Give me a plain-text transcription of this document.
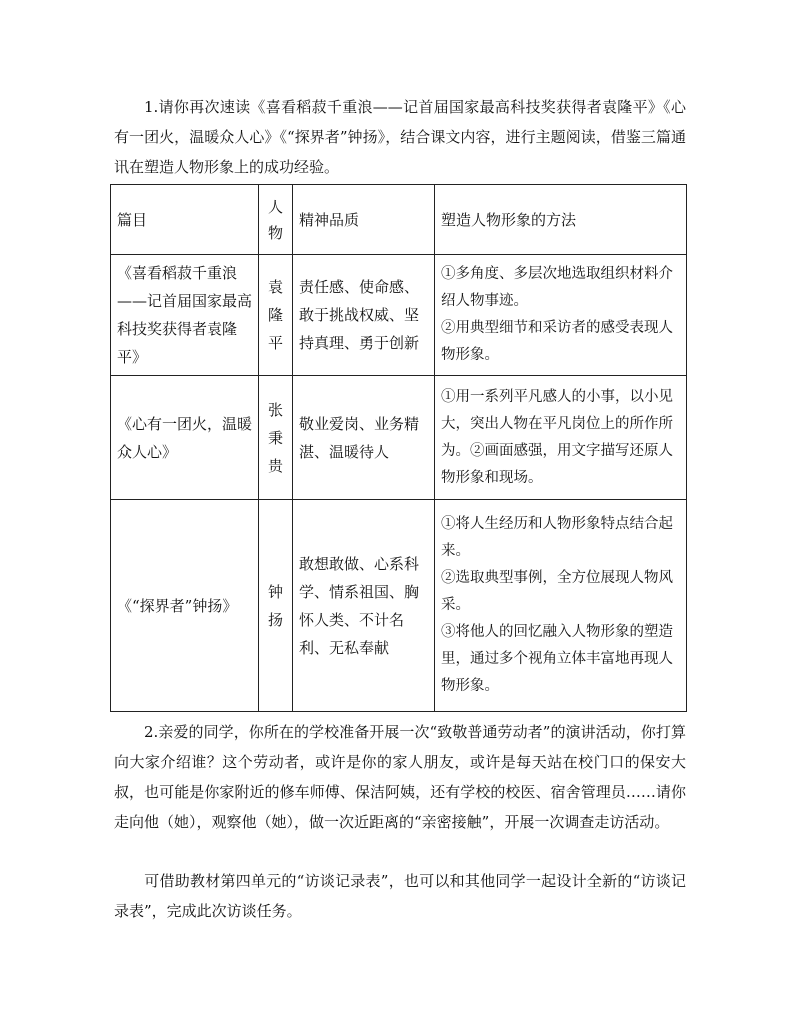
1.请你再次速读《喜看稻菽千重浪——记首届国家最高科技奖获得者袁隆平》《心有一团火，温暖众人心》《“探界者”钟扬》，结合课文内容，进行主题阅读，借鉴三篇通讯在塑造人物形象上的成功经验。

篇目	人物	精神品质	塑造人物形象的方法
《喜看稻菽千重浪——记首届国家最高科技奖获得者袁隆平》	袁隆平	责任感、使命感、敢于挑战权威、坚持真理、勇于创新	①多角度、多层次地选取组织材料介绍人物事迹。
②用典型细节和采访者的感受表现人物形象。

《心有一团火，温暖众人心》	张秉贵	敬业爱岗、业务精湛、温暖待人	①用一系列平凡感人的小事，以小见大，突出人物在平凡岗位上的所作所为。②画面感强，用文字描写还原人物形象和现场。

《“探界者”钟扬》	钟扬	敢想敢做、心系科学、情系祖国、胸怀人类、不计名利、无私奉献	①将人生经历和人物形象特点结合起来。
②选取典型事例，全方位展现人物风采。
③将他人的回忆融入人物形象的塑造里，通过多个视角立体丰富地再现人物形象。

2.亲爱的同学，你所在的学校准备开展一次“致敬普通劳动者”的演讲活动，你打算向大家介绍谁？这个劳动者，或许是你的家人朋友，或许是每天站在校门口的保安大叔，也可能是你家附近的修车师傅、保洁阿姨，还有学校的校医、宿舍管理员……请你走向他（她），观察他（她），做一次近距离的“亲密接触”，开展一次调查走访活动。

可借助教材第四单元的“访谈记录表”，也可以和其他同学一起设计全新的“访谈记录表”，完成此次访谈任务。
